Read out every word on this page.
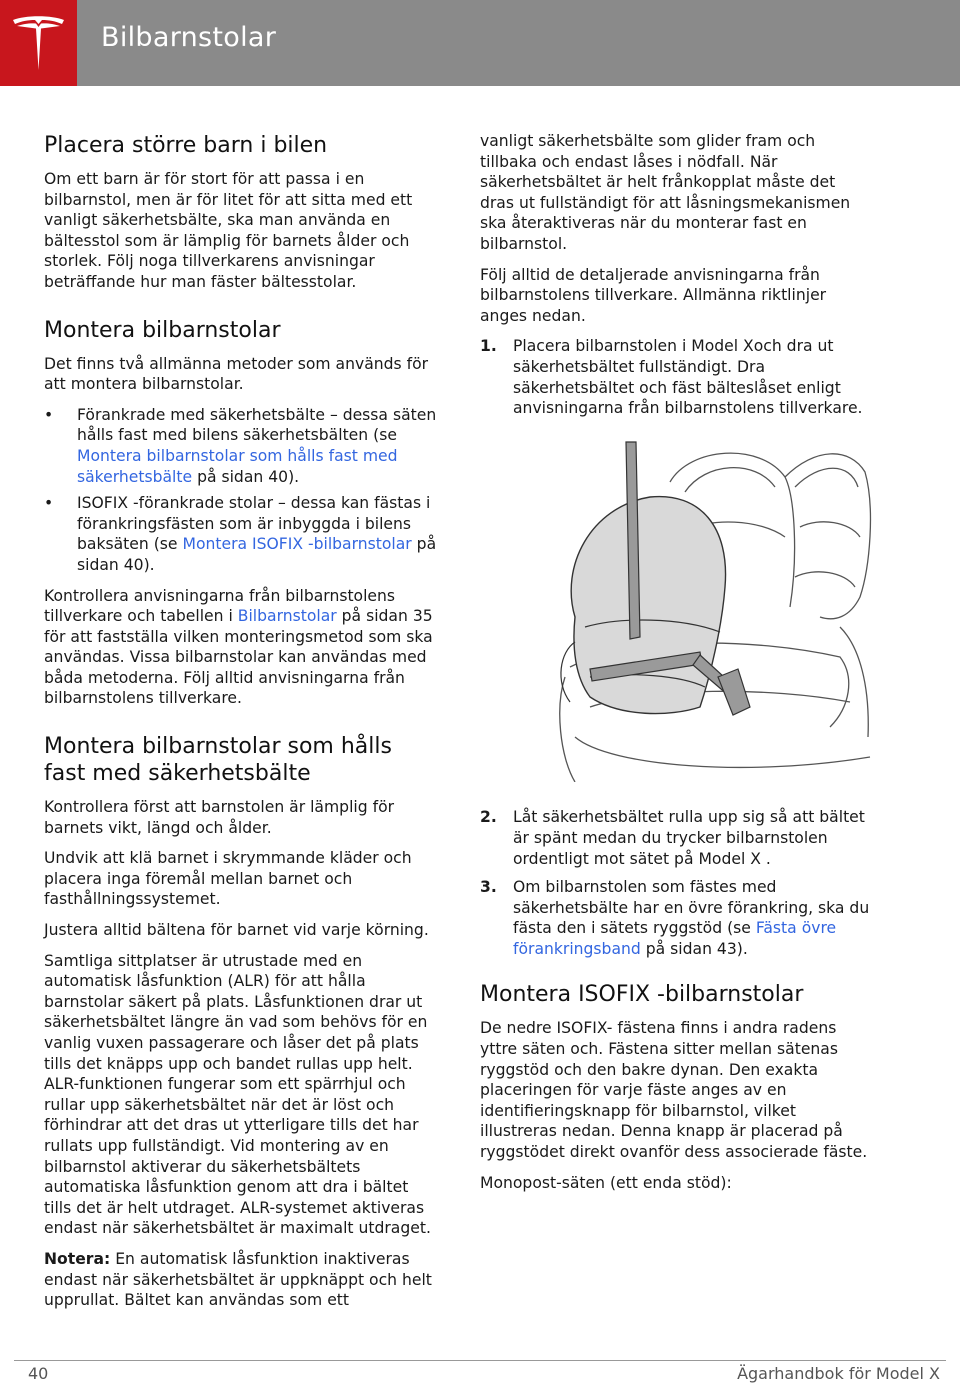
Bilbarnstolar
Placera större barn i bilen

Om ett barn är för stort för att passa i en bilbarnstol, men är för litet för att sitta med ett vanligt säkerhetsbälte, ska man använda en bältesstol som är lämplig för barnets ålder och storlek. Följ noga tillverkarens anvisningar beträffande hur man fäster bältesstolar.

Montera bilbarnstolar

Det finns två allmänna metoder som används för att montera bilbarnstolar.

• Förankrade med säkerhetsbälte – dessa säten hålls fast med bilens säkerhetsbälten (se Montera bilbarnstolar som hålls fast med säkerhetsbälte på sidan 40).
• ISOFIX -förankrade stolar – dessa kan fästas i förankringsfästen som är inbyggda i bilens baksäten (se Montera ISOFIX -bilbarnstolar på sidan 40).

Kontrollera anvisningarna från bilbarnstolens tillverkare och tabellen i Bilbarnstolar på sidan 35 för att fastställa vilken monteringsmetod som ska användas. Vissa bilbarnstolar kan användas med båda metoderna. Följ alltid anvisningarna från bilbarnstolens tillverkare.

Montera bilbarnstolar som hålls fast med säkerhetsbälte

Kontrollera först att barnstolen är lämplig för barnets vikt, längd och ålder.

Undvik att klä barnet i skrymmande kläder och placera inga föremål mellan barnet och fasthållningssystemet.

Justera alltid bältena för barnet vid varje körning.

Samtliga sittplatser är utrustade med en automatisk låsfunktion (ALR) för att hålla barnstolar säkert på plats. Låsfunktionen drar ut säkerhetsbältet längre än vad som behövs för en vanlig vuxen passagerare och låser det på plats tills det knäpps upp och bandet rullas upp helt. ALR-funktionen fungerar som ett spärrhjul och rullar upp säkerhetsbältet när det är löst och förhindrar att det dras ut ytterligare tills det har rullats upp fullständigt. Vid montering av en bilbarnstol aktiverar du säkerhetsbältets automatiska låsfunktion genom att dra i bältet tills det är helt utdraget. ALR-systemet aktiveras endast när säkerhetsbältet är maximalt utdraget.

Notera: En automatisk låsfunktion inaktiveras endast när säkerhetsbältet är uppknäppt och helt upprullat. Bältet kan användas som ett

vanligt säkerhetsbälte som glider fram och tillbaka och endast låses i nödfall. När säkerhetsbältet är helt frånkopplat måste det dras ut fullständigt för att låsningsmekanismen ska återaktiveras när du monterar fast en bilbarnstol.

Följ alltid de detaljerade anvisningarna från bilbarnstolens tillverkare. Allmänna riktlinjer anges nedan.

1. Placera bilbarnstolen i Model Xoch dra ut säkerhetsbältet fullständigt. Dra säkerhetsbältet och fäst bälteslåset enligt anvisningarna från bilbarnstolens tillverkare.
2. Låt säkerhetsbältet rulla upp sig så att bältet är spänt medan du trycker bilbarnstolen ordentligt mot sätet på Model X .
3. Om bilbarnstolen som fästes med säkerhetsbälte har en övre förankring, ska du fästa den i sätets ryggstöd (se Fästa övre förankringsband på sidan 43).
Montera ISOFIX -bilbarnstolar

De nedre ISOFIX- fästena finns i andra radens yttre säten och. Fästena sitter mellan sätenas ryggstöd och den bakre dynan. Den exakta placeringen för varje fäste anges av en identifieringsknapp för bilbarnstol, vilket illustreras nedan. Denna knapp är placerad på ryggstödet direkt ovanför dess associerade fäste.

Monopost-säten (ett enda stöd):

40	Ägarhandbok för Model X
